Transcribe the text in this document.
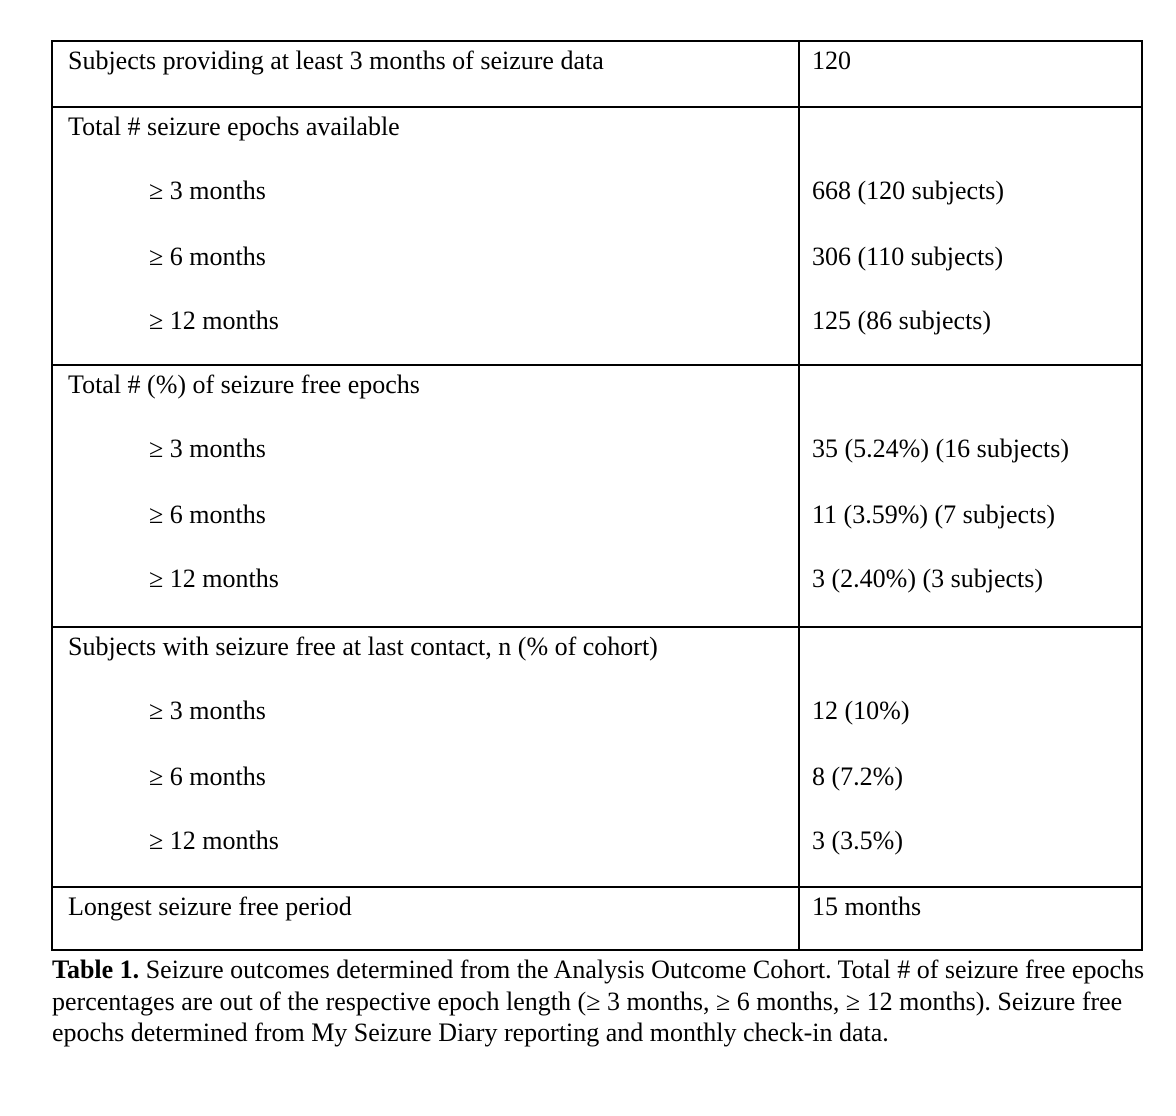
Subjects providing at least 3 months of seizure data	120
Total # seizure epochs available
≥ 3 months	668 (120 subjects)
≥ 6 months	306 (110 subjects)
≥ 12 months	125 (86 subjects)
Total # (%) of seizure free epochs
≥ 3 months	35 (5.24%) (16 subjects)
≥ 6 months	11 (3.59%) (7 subjects)
≥ 12 months	3 (2.40%) (3 subjects)
Subjects with seizure free at last contact, n (% of cohort)
≥ 3 months	12 (10%)
≥ 6 months	8 (7.2%)
≥ 12 months	3 (3.5%)
Longest seizure free period	15 months
Table 1. Seizure outcomes determined from the Analysis Outcome Cohort. Total # of seizure free epochs percentages are out of the respective epoch length (≥ 3 months, ≥ 6 months, ≥ 12 months). Seizure free epochs determined from My Seizure Diary reporting and monthly check-in data.
